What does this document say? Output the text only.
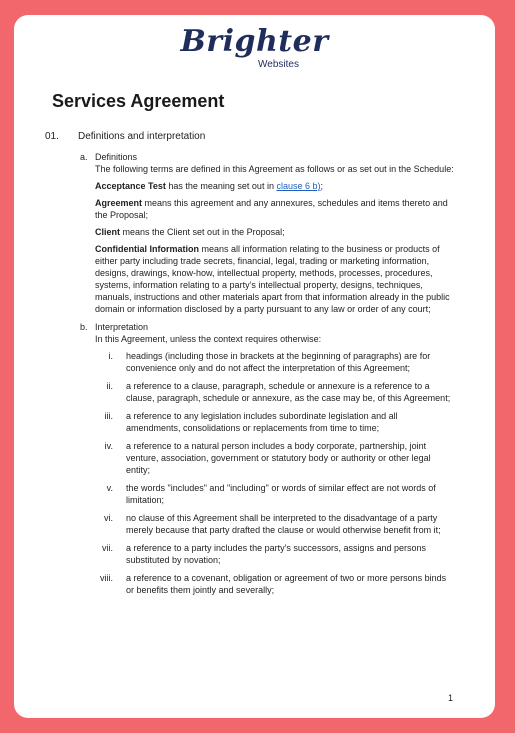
Brighter
Websites
Services Agreement
01. Definitions and interpretation
a. Definitions
The following terms are defined in this Agreement as follows or as set out in the Schedule:
Acceptance Test has the meaning set out in clause 6 b);
Agreement means this agreement and any annexures, schedules and items thereto and the Proposal;
Client means the Client set out in the Proposal;
Confidential Information means all information relating to the business or products of either party including trade secrets, financial, legal, trading or marketing information, designs, drawings, know-how, intellectual property, methods, processes, procedures, systems, information relating to a party’s intellectual property, designs, techniques, manuals, instructions and other materials apart from that information already in the public domain or information disclosed by a party pursuant to any law or order of any court;
b. Interpretation
In this Agreement, unless the context requires otherwise:
i. headings (including those in brackets at the beginning of paragraphs) are for convenience only and do not affect the interpretation of this Agreement;
ii. a reference to a clause, paragraph, schedule or annexure is a reference to a clause, paragraph, schedule or annexure, as the case may be, of this Agreement;
iii. a reference to any legislation includes subordinate legislation and all amendments, consolidations or replacements from time to time;
iv. a reference to a natural person includes a body corporate, partnership, joint venture, association, government or statutory body or authority or other legal entity;
v. the words "includes" and "including" or words of similar effect are not words of limitation;
vi. no clause of this Agreement shall be interpreted to the disadvantage of a party merely because that party drafted the clause or would otherwise benefit from it;
vii. a reference to a party includes the party’s successors, assigns and persons substituted by novation;
viii. a reference to a covenant, obligation or agreement of two or more persons binds or benefits them jointly and severally;
1
